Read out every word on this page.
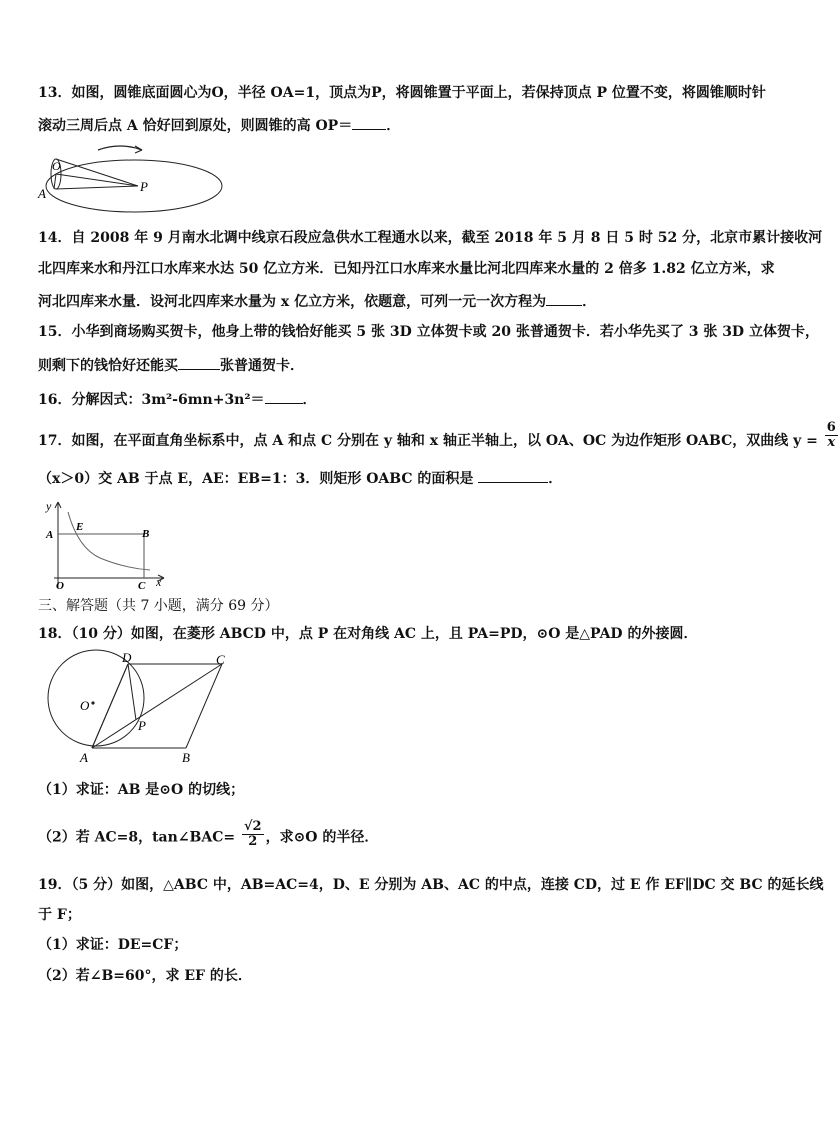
13．如图，圆锥底面圆心为O，半径 OA=1，顶点为P，将圆锥置于平面上，若保持顶点 P 位置不变，将圆锥顺时针
滚动三周后点 A 恰好回到原处，则圆锥的高 OP＝ ．
O
A	P
14．自 2008 年 9 月南水北调中线京石段应急供水工程通水以来，截至 2018 年 5 月 8 日 5 时 52 分，北京市累计接收河
北四库来水和丹江口水库来水达 50 亿立方米．已知丹江口水库来水量比河北四库来水量的 2 倍多 1.82 亿立方米，求
河北四库来水量．设河北四库来水量为 x 亿立方米，依题意，可列一元一次方程为	．
15．小华到商场购买贺卡，他身上带的钱恰好能买 5 张 3D 立体贺卡或 20 张普通贺卡．若小华先买了 3 张 3D 立体贺卡，
则剩下的钱恰好还能买	张普通贺卡．
16．分解因式：3m²-6mn+3n²＝	．
17．如图，在平面直角坐标系中，点 A 和点 C 分别在 y 轴和 x 轴正半轴上，以 OA、OC 为边作矩形 OABC，双曲线 $y = \frac{6}{x}$
（x＞0）交 AB 于点 E，AE：EB=1：3．则矩形 OABC 的面积是	．
y
A
E
B
O	C x
三、解答题（共 7 小题，满分 69 分）
18．（10 分）如图，在菱形 ABCD 中，点 P 在对角线 AC 上，且 PA=PD，⊙O 是△PAD 的外接圆．
D	C
O
P
A	B
（1）求证：AB 是⊙O 的切线；
（2）若 AC=8，tan∠BAC= $\frac{√2}{2}$ ，求⊙O 的半径．
19．（5 分）如图，△ABC 中，AB=AC=4，D、E 分别为 AB、AC 的中点，连接 CD，过 E 作 EF∥DC 交 BC 的延长线
于 F；
（1）求证：DE=CF；
（2）若∠B=60°，求 EF 的长．
